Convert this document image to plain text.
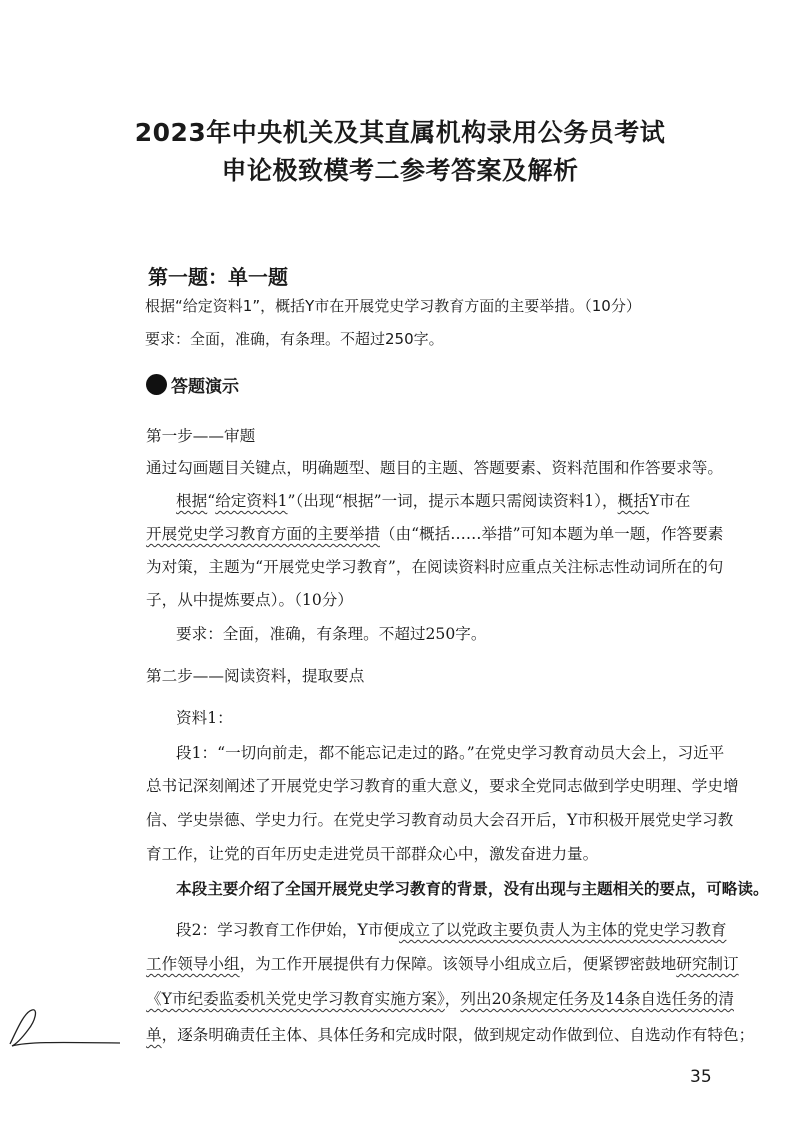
2023年中央机关及其直属机构录用公务员考试
申论极致模考二参考答案及解析
第一题：单一题
根据“给定资料1”，概括Y市在开展党史学习教育方面的主要举措。（10分）
要求：全面，准确，有条理。不超过250字。
答题演示
第一步——审题
通过勾画题目关键点，明确题型、题目的主题、答题要素、资料范围和作答要求等。
根据“给定资料1”（出现“根据”一词，提示本题只需阅读资料1），概括Y市在
开展党史学习教育方面的主要举措（由“概括……举措”可知本题为单一题，作答要素
为对策，主题为“开展党史学习教育”，在阅读资料时应重点关注标志性动词所在的句
子，从中提炼要点）。（10分）
要求：全面，准确，有条理。不超过250字。
第二步——阅读资料，提取要点
资料1：
段1：“一切向前走，都不能忘记走过的路。”在党史学习教育动员大会上，习近平
总书记深刻阐述了开展党史学习教育的重大意义，要求全党同志做到学史明理、学史增
信、学史崇德、学史力行。在党史学习教育动员大会召开后，Y市积极开展党史学习教
育工作，让党的百年历史走进党员干部群众心中，激发奋进力量。
本段主要介绍了全国开展党史学习教育的背景，没有出现与主题相关的要点，可略读。
段2：学习教育工作伊始，Y市便成立了以党政主要负责人为主体的党史学习教育
工作领导小组，为工作开展提供有力保障。该领导小组成立后，便紧锣密鼓地研究制订
《Y市纪委监委机关党史学习教育实施方案》，列出20条规定任务及14条自选任务的清
单，逐条明确责任主体、具体任务和完成时限，做到规定动作做到位、自选动作有特色；
35
